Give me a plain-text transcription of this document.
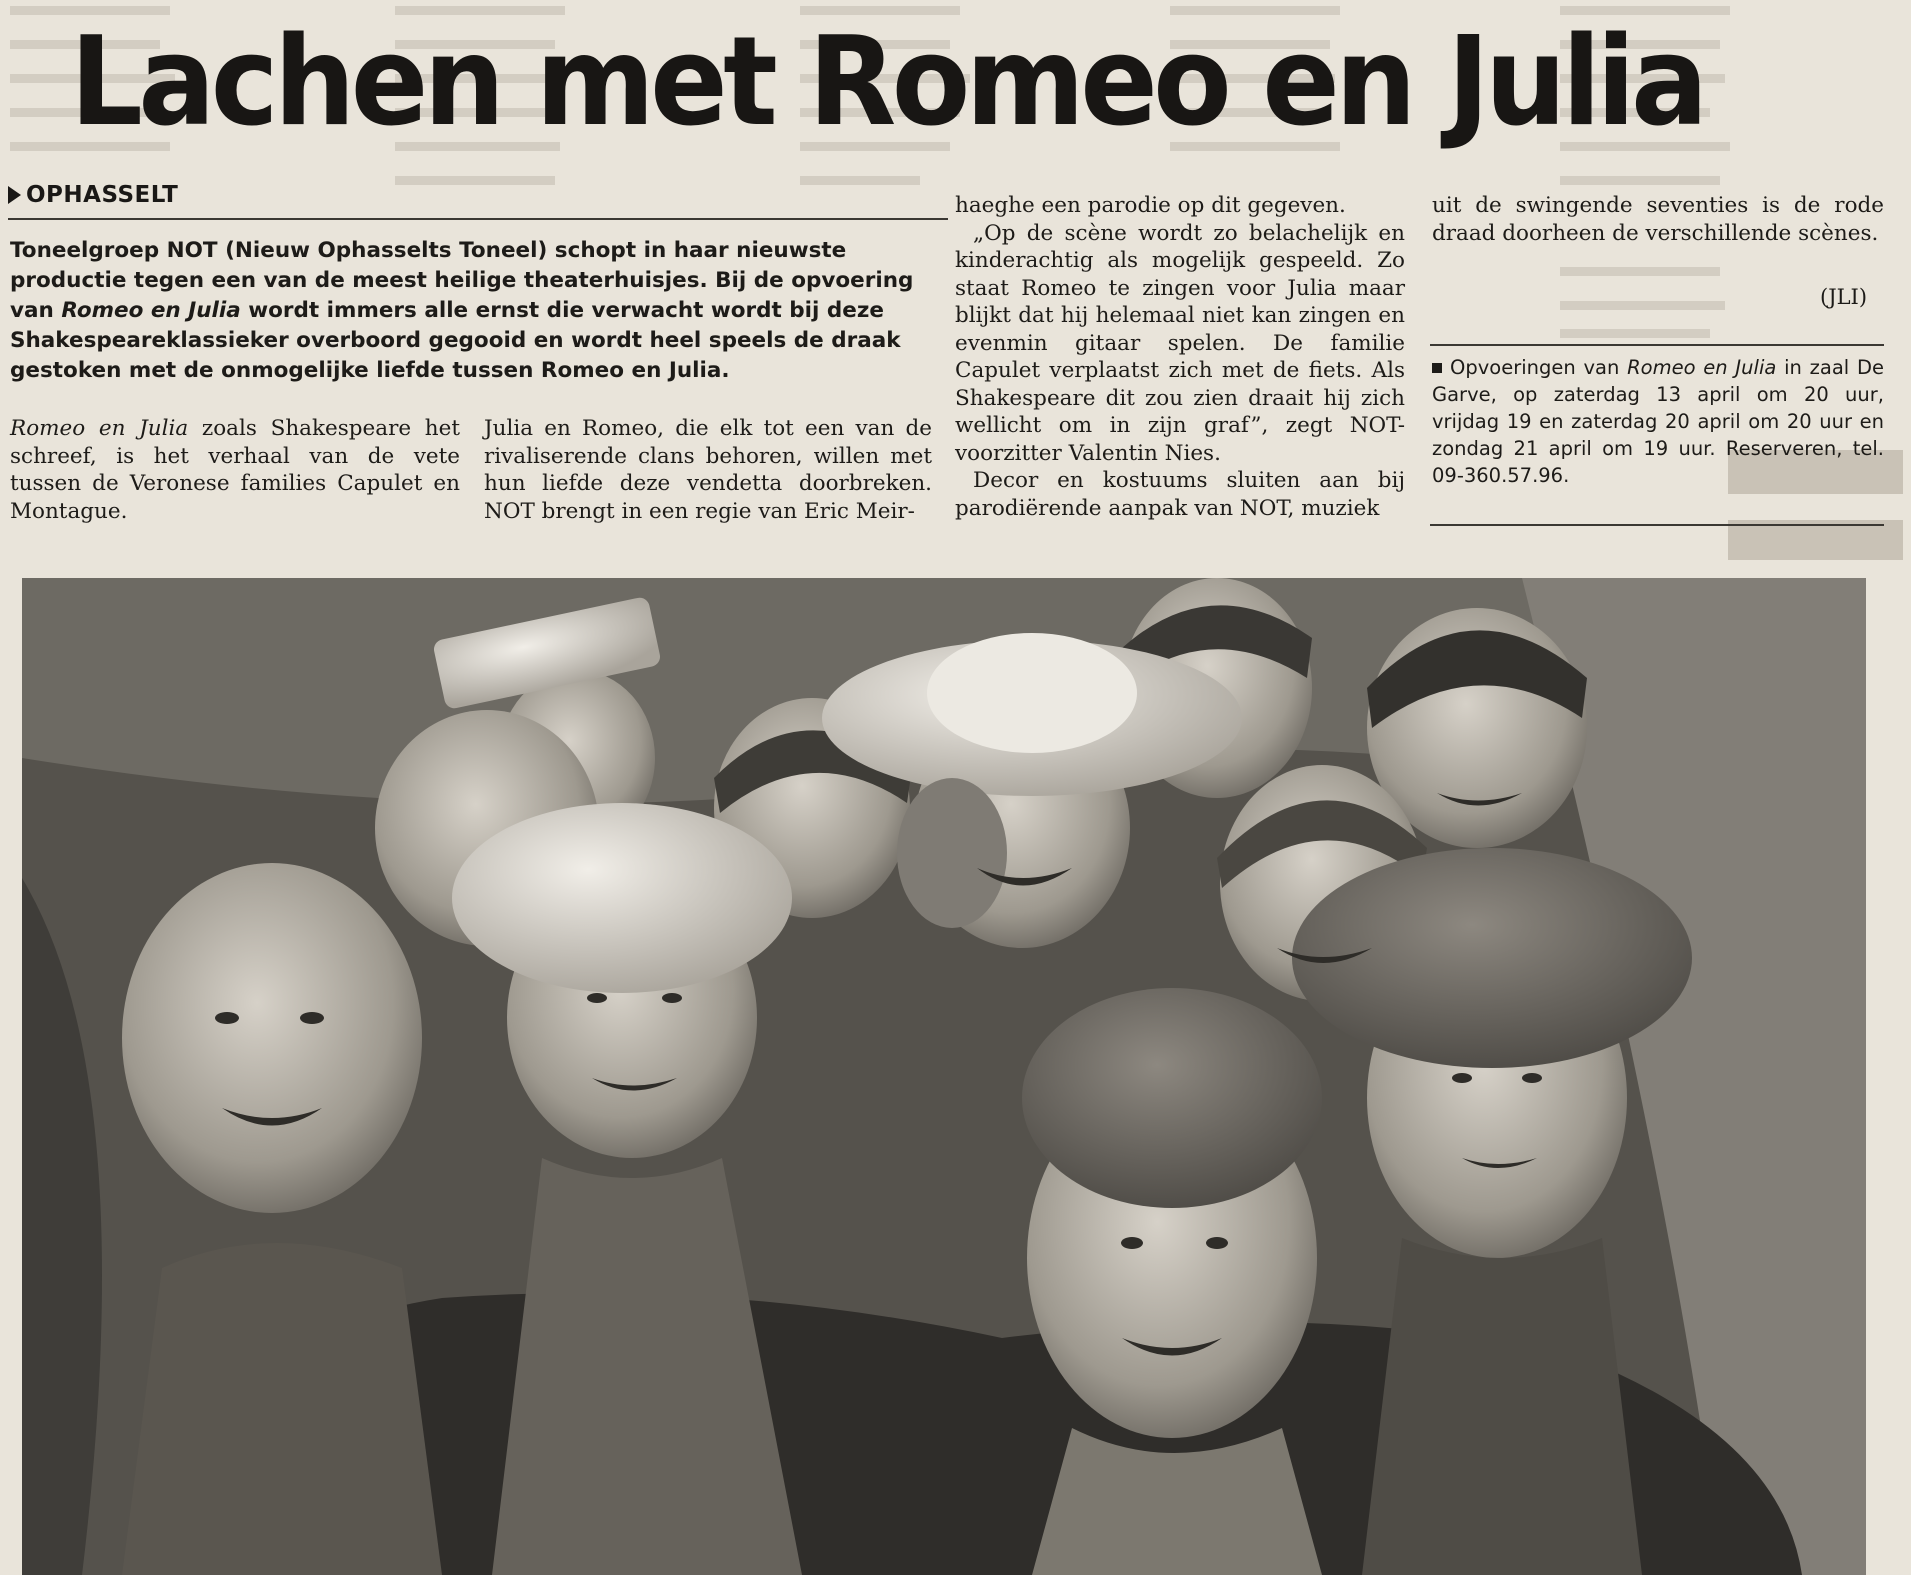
Lachen met Romeo en Julia
OPHASSELT
Toneelgroep NOT (Nieuw Ophasselts Toneel) schopt in haar nieuwste productie tegen een van de meest heilige theaterhuisjes. Bij de opvoering van Romeo en Julia wordt immers alle ernst die verwacht wordt bij deze Shakespeareklassieker overboord gegooid en wordt heel speels de draak gestoken met de onmogelijke liefde tussen Romeo en Julia.

Romeo en Julia zoals Shakespeare het schreef, is het verhaal van de vete tussen de Veronese families Capulet en Montague.

Julia en Romeo, die elk tot een van de rivaliserende clans behoren, willen met hun liefde deze vendetta doorbreken. NOT brengt in een regie van Eric Meir-

haeghe een parodie op dit gegeven.

„Op de scène wordt zo belachelijk en kinderachtig als mogelijk gespeeld. Zo staat Romeo te zingen voor Julia maar blijkt dat hij helemaal niet kan zingen en evenmin gitaar spelen. De familie Capulet verplaatst zich met de fiets. Als Shakespeare dit zou zien draait hij zich wellicht om in zijn graf”, zegt NOT-voorzitter Valentin Nies.

Decor en kostuums sluiten aan bij parodiërende aanpak van NOT, muziek

uit de swingende seventies is de rode draad doorheen de verschillende scènes.

(JLI)
Opvoeringen van Romeo en Julia in zaal De Garve, op zaterdag 13 april om 20 uur, vrijdag 19 en zaterdag 20 april om 20 uur en zondag 21 april om 19 uur. Reserveren, tel. 09-360.57.96.
